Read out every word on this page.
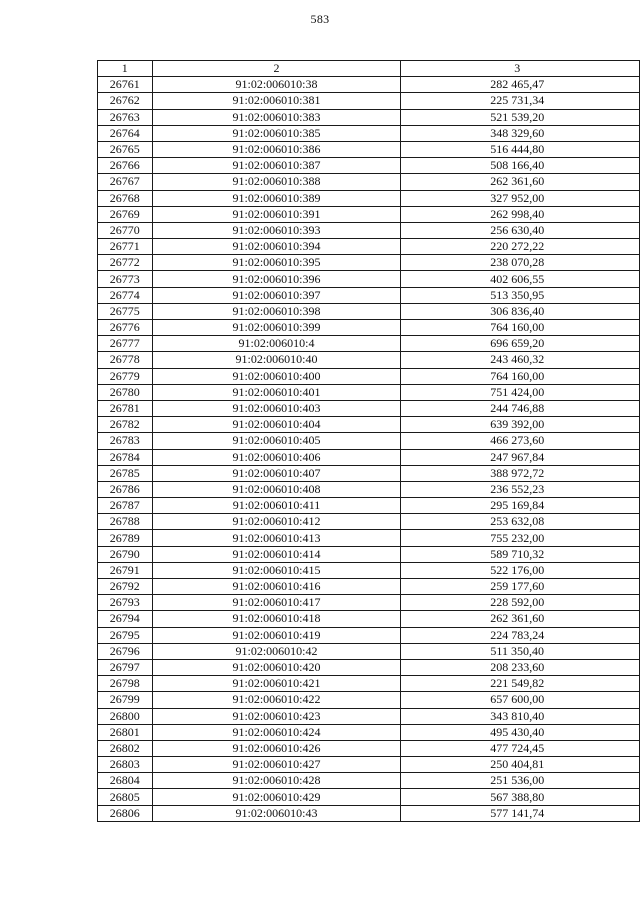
583
1	2	3
26761	91:02:006010:38	282 465,47
26762	91:02:006010:381	225 731,34
26763	91:02:006010:383	521 539,20
26764	91:02:006010:385	348 329,60
26765	91:02:006010:386	516 444,80
26766	91:02:006010:387	508 166,40
26767	91:02:006010:388	262 361,60
26768	91:02:006010:389	327 952,00
26769	91:02:006010:391	262 998,40
26770	91:02:006010:393	256 630,40
26771	91:02:006010:394	220 272,22
26772	91:02:006010:395	238 070,28
26773	91:02:006010:396	402 606,55
26774	91:02:006010:397	513 350,95
26775	91:02:006010:398	306 836,40
26776	91:02:006010:399	764 160,00
26777	91:02:006010:4	696 659,20
26778	91:02:006010:40	243 460,32
26779	91:02:006010:400	764 160,00
26780	91:02:006010:401	751 424,00
26781	91:02:006010:403	244 746,88
26782	91:02:006010:404	639 392,00
26783	91:02:006010:405	466 273,60
26784	91:02:006010:406	247 967,84
26785	91:02:006010:407	388 972,72
26786	91:02:006010:408	236 552,23
26787	91:02:006010:411	295 169,84
26788	91:02:006010:412	253 632,08
26789	91:02:006010:413	755 232,00
26790	91:02:006010:414	589 710,32
26791	91:02:006010:415	522 176,00
26792	91:02:006010:416	259 177,60
26793	91:02:006010:417	228 592,00
26794	91:02:006010:418	262 361,60
26795	91:02:006010:419	224 783,24
26796	91:02:006010:42	511 350,40
26797	91:02:006010:420	208 233,60
26798	91:02:006010:421	221 549,82
26799	91:02:006010:422	657 600,00
26800	91:02:006010:423	343 810,40
26801	91:02:006010:424	495 430,40
26802	91:02:006010:426	477 724,45
26803	91:02:006010:427	250 404,81
26804	91:02:006010:428	251 536,00
26805	91:02:006010:429	567 388,80
26806	91:02:006010:43	577 141,74
